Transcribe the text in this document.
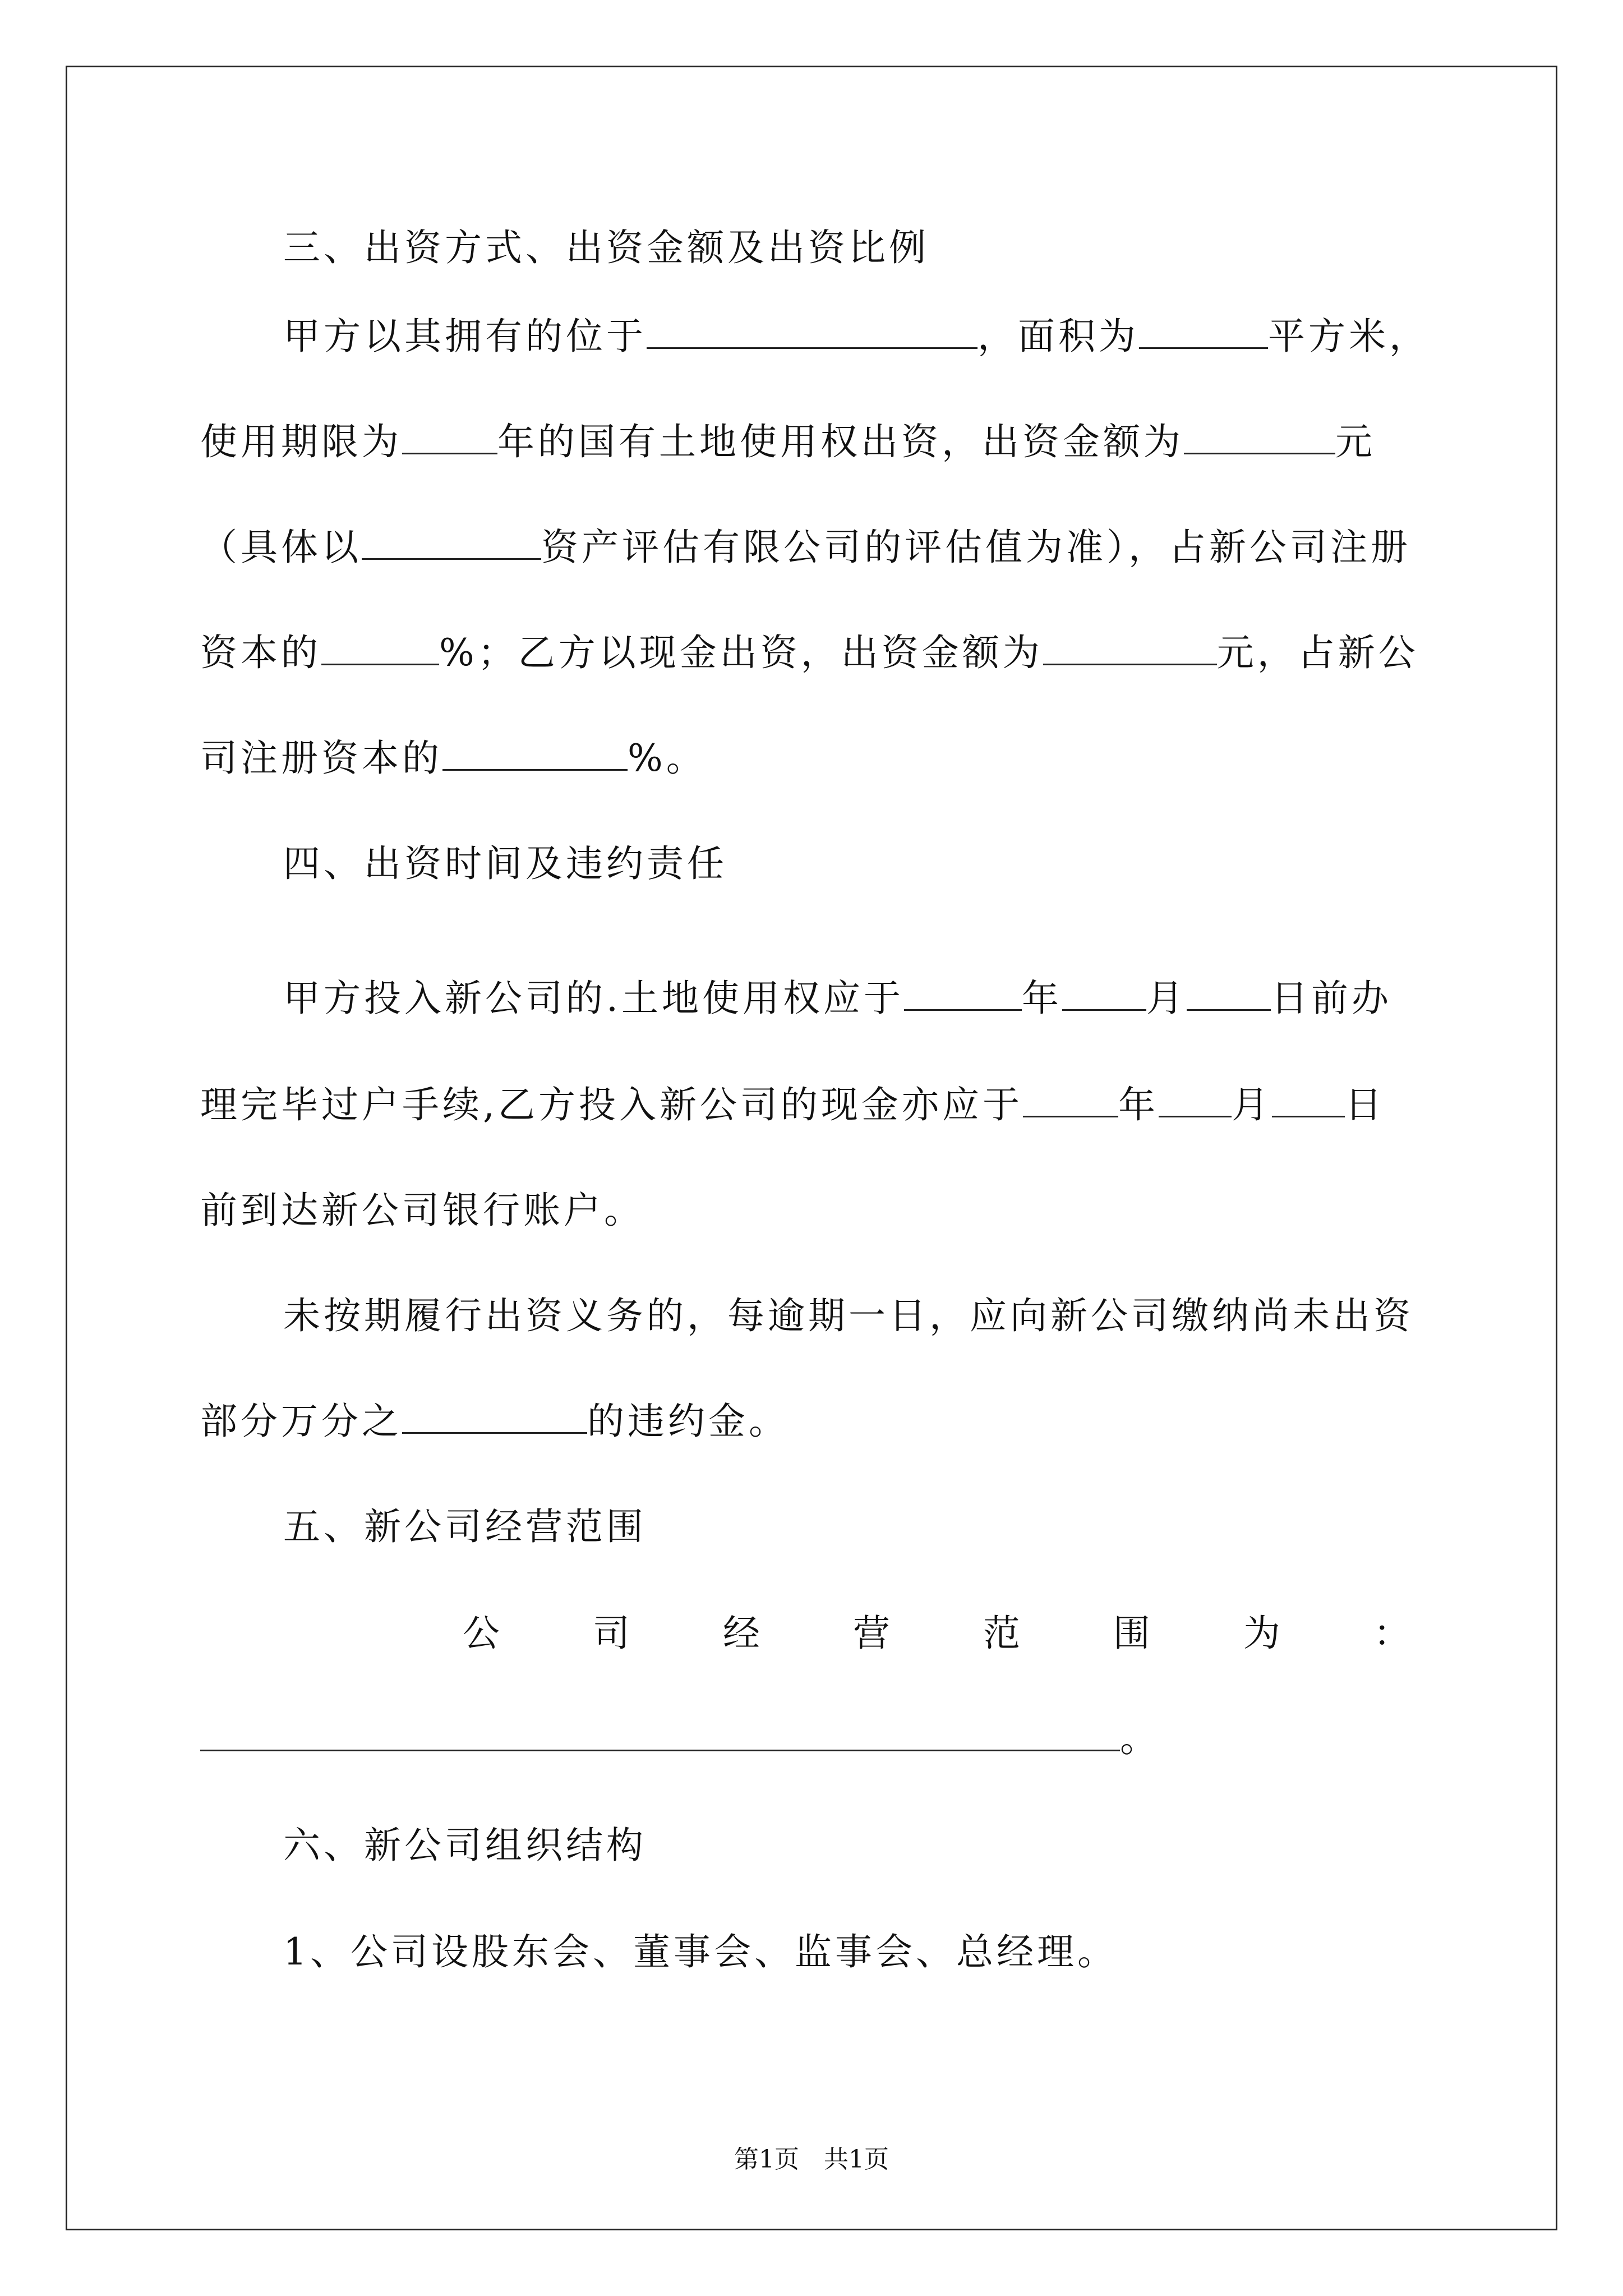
三、出资方式、出资金额及出资比例
甲方以其拥有的位于	，面积为	平方米，
使用期限为	年的国有土地使用权出资，出资金额为	元
（具体以	资产评估有限公司的评估值为准），占新公司注册
资本的	%；乙方以现金出资，出资金额为	元，占新公
司注册资本的	%。
四、出资时间及违约责任
甲方投入新公司的.土地使用权应于	年 月 日前办
理完毕过户手续,乙方投入新公司的现金亦应于	年 月 日
前到达新公司银行账户。
未按期履行出资义务的，每逾期一日，应向新公司缴纳尚未出资
部分万分之	的违约金。
五、新公司经营范围
公	司	经	营	范	围	为	：
。
六、新公司组织结构
1、公司设股东会、董事会、监事会、总经理。
第1页　共1页
